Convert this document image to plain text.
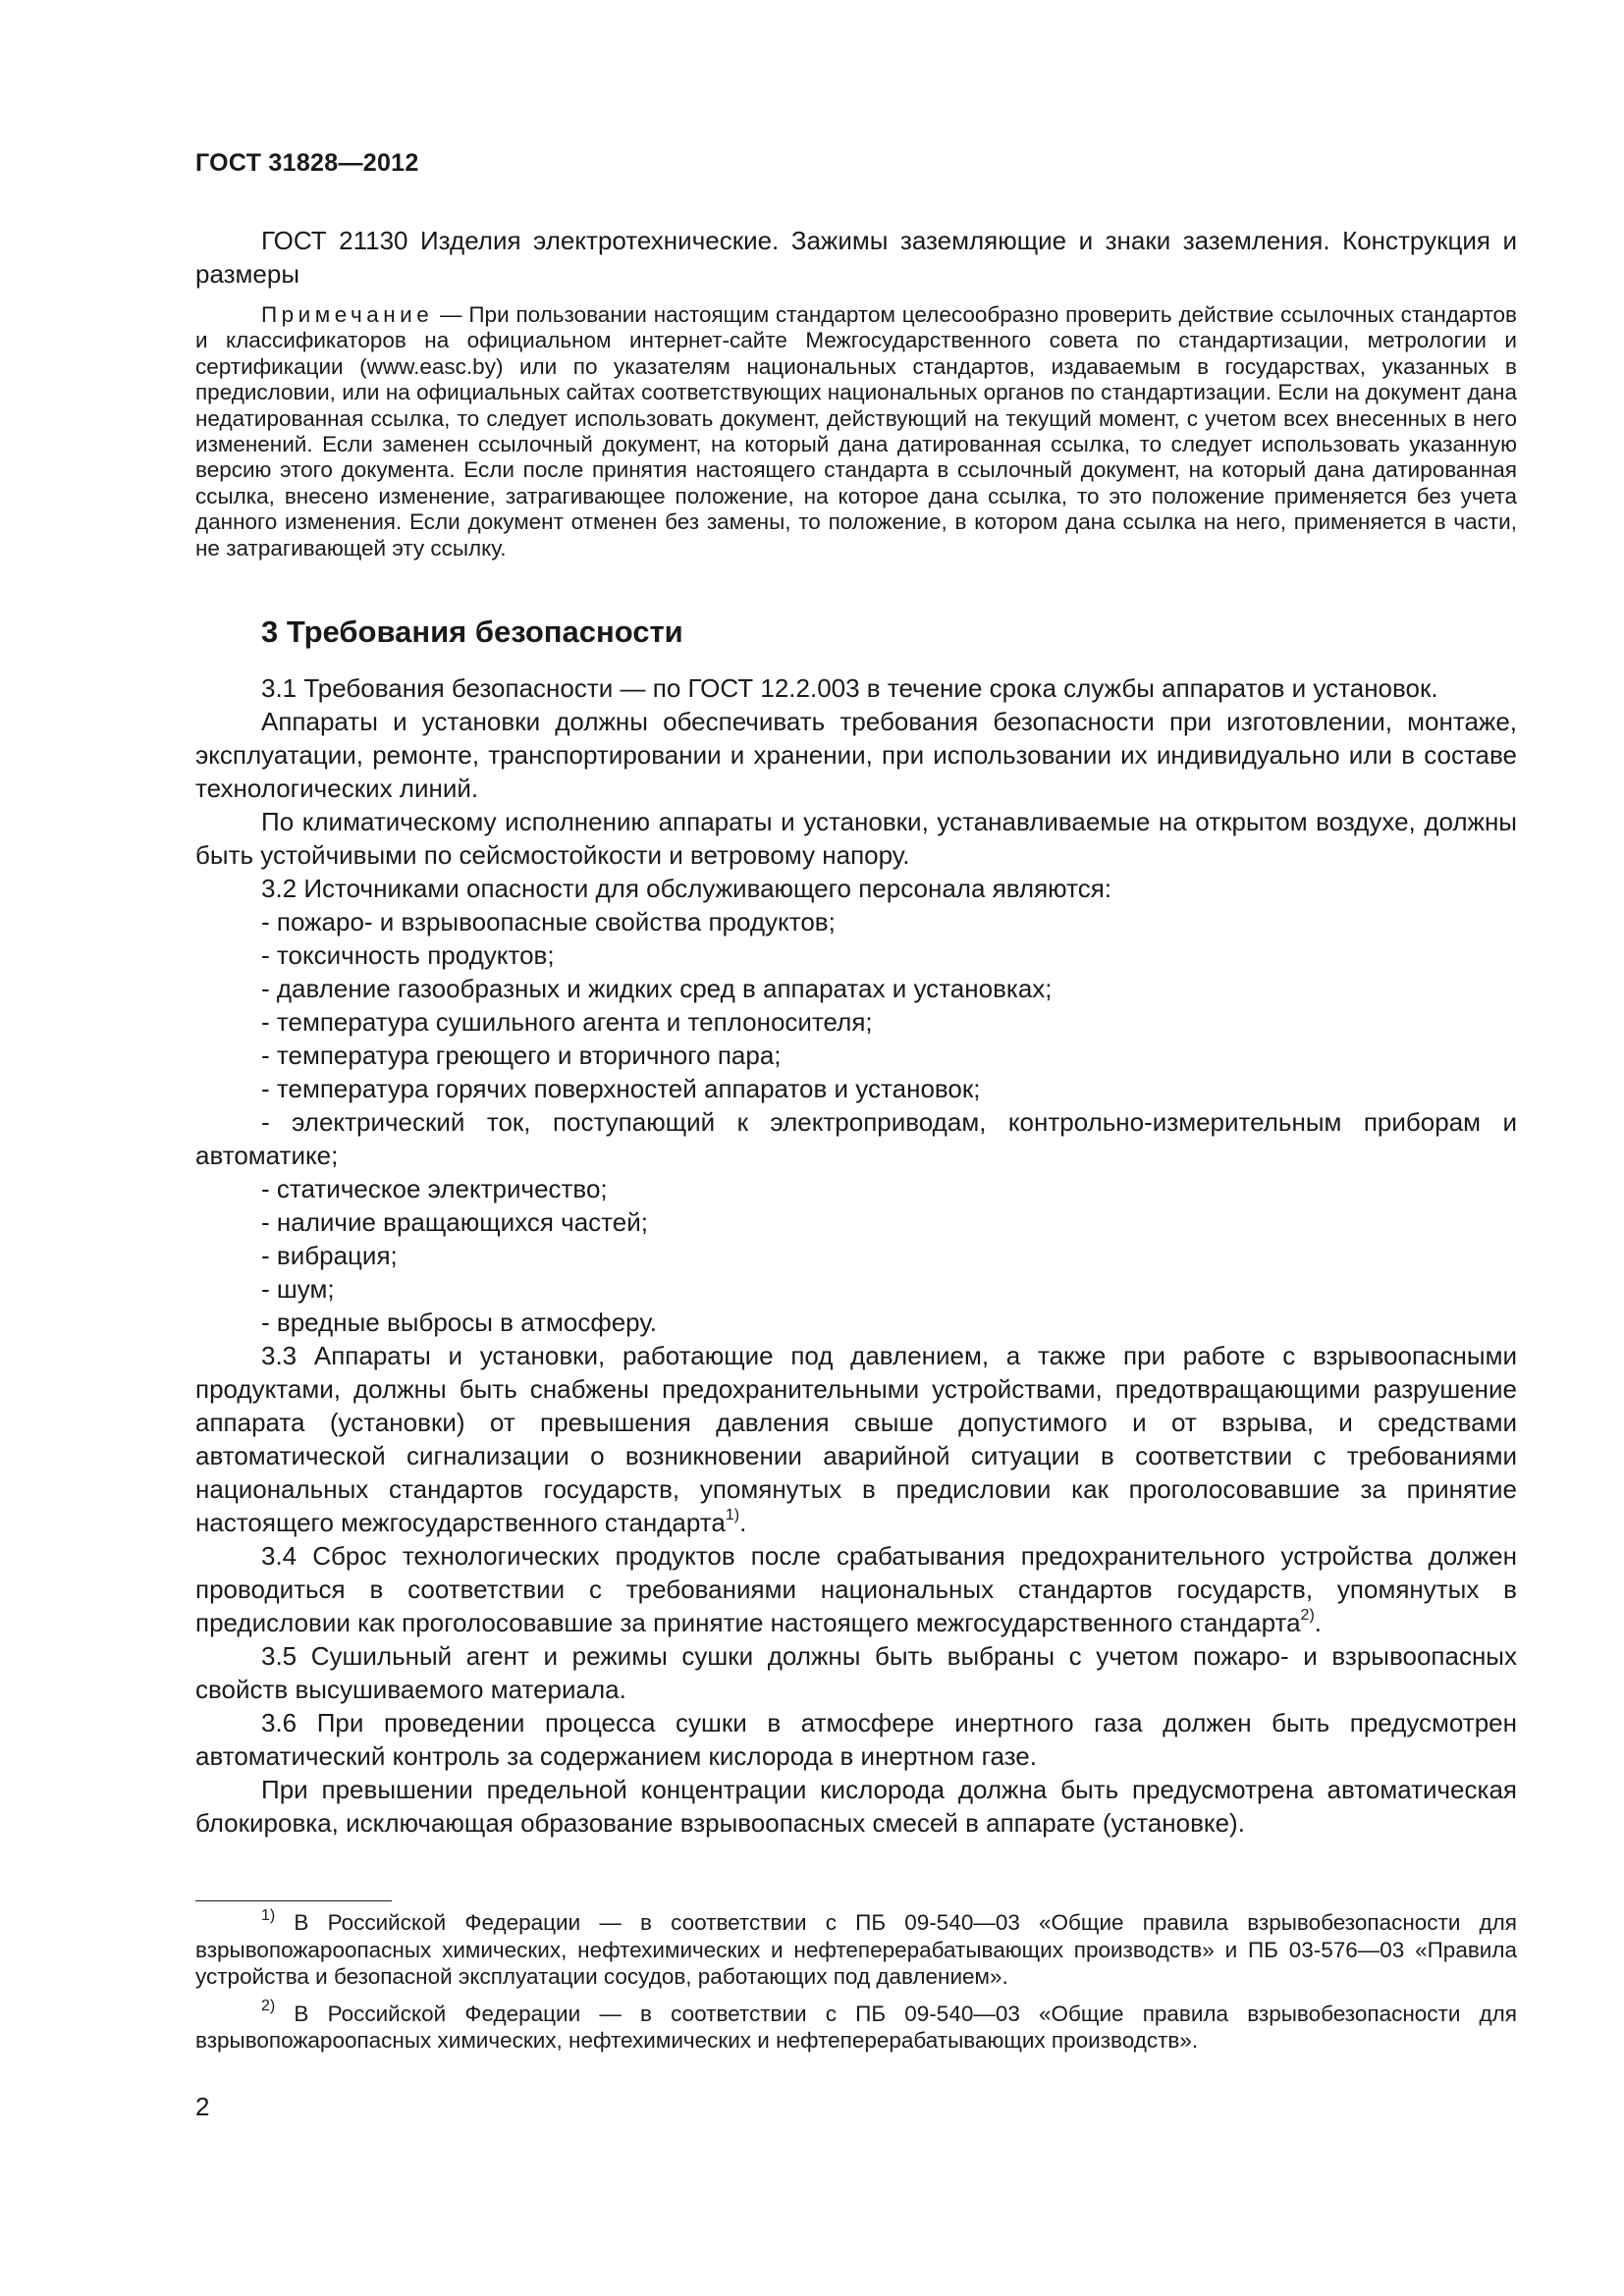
ГОСТ 31828—2012

ГОСТ 21130 Изделия электротехнические. Зажимы заземляющие и знаки заземления. Конструкция и размеры

Примечание — При пользовании настоящим стандартом целесообразно проверить действие ссылочных стандартов и классификаторов на официальном интернет-сайте Межгосударственного совета по стандартизации, метрологии и сертификации (www.easc.by) или по указателям национальных стандартов, издаваемым в государствах, указанных в предисловии, или на официальных сайтах соответствующих национальных органов по стандартизации. Если на документ дана недатированная ссылка, то следует использовать документ, действующий на текущий момент, с учетом всех внесенных в него изменений. Если заменен ссылочный документ, на который дана датированная ссылка, то следует использовать указанную версию этого документа. Если после принятия настоящего стандарта в ссылочный документ, на который дана датированная ссылка, внесено изменение, затрагивающее положение, на которое дана ссылка, то это положение применяется без учета данного изменения. Если документ отменен без замены, то положение, в котором дана ссылка на него, применяется в части, не затрагивающей эту ссылку.

3 Требования безопасности

3.1 Требования безопасности — по ГОСТ 12.2.003 в течение срока службы аппаратов и установок.

Аппараты и установки должны обеспечивать требования безопасности при изготовлении, монтаже, эксплуатации, ремонте, транспортировании и хранении, при использовании их индивидуально или в составе технологических линий.

По климатическому исполнению аппараты и установки, устанавливаемые на открытом воздухе, должны быть устойчивыми по сейсмостойкости и ветровому напору.

3.2 Источниками опасности для обслуживающего персонала являются:

- пожаро- и взрывоопасные свойства продуктов;

- токсичность продуктов;

- давление газообразных и жидких сред в аппаратах и установках;

- температура сушильного агента и теплоносителя;

- температура греющего и вторичного пара;

- температура горячих поверхностей аппаратов и установок;

- электрический ток, поступающий к электроприводам, контрольно-измерительным приборам и автоматике;

- статическое электричество;

- наличие вращающихся частей;

- вибрация;

- шум;

- вредные выбросы в атмосферу.

3.3 Аппараты и установки, работающие под давлением, а также при работе с взрывоопасными продуктами, должны быть снабжены предохранительными устройствами, предотвращающими разрушение аппарата (установки) от превышения давления свыше допустимого и от взрыва, и средствами автоматической сигнализации о возникновении аварийной ситуации в соответствии с требованиями национальных стандартов государств, упомянутых в предисловии как проголосовавшие за принятие настоящего межгосударственного стандарта$^{1)}$.

3.4 Сброс технологических продуктов после срабатывания предохранительного устройства должен проводиться в соответствии с требованиями национальных стандартов государств, упомянутых в предисловии как проголосовавшие за принятие настоящего межгосударственного стандарта$^{2)}$.

3.5 Сушильный агент и режимы сушки должны быть выбраны с учетом пожаро- и взрывоопасных свойств высушиваемого материала.

3.6 При проведении процесса сушки в атмосфере инертного газа должен быть предусмотрен автоматический контроль за содержанием кислорода в инертном газе.

При превышении предельной концентрации кислорода должна быть предусмотрена автоматическая блокировка, исключающая образование взрывоопасных смесей в аппарате (установке).

$^{1)}$ В Российской Федерации — в соответствии с ПБ 09-540—03 «Общие правила взрывобезопасности для взрывопожароопасных химических, нефтехимических и нефтеперерабатывающих производств» и ПБ 03-576—03 «Правила устройства и безопасной эксплуатации сосудов, работающих под давлением».

$^{2)}$ В Российской Федерации — в соответствии с ПБ 09-540—03 «Общие правила взрывобезопасности для взрывопожароопасных химических, нефтехимических и нефтеперерабатывающих производств».

2
